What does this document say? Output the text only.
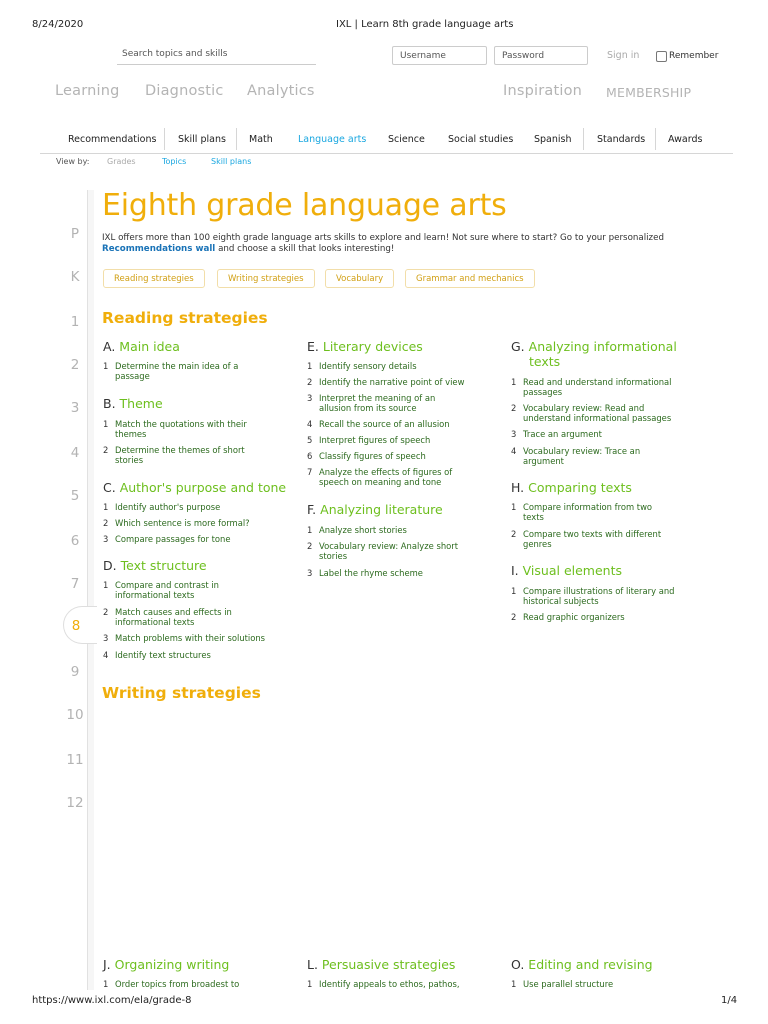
8/24/2020	IXL | Learn 8th grade language arts
Search topics and skills	Username	Password	Sign in	Remember
Learning Diagnostic Analytics	Inspiration MEMBERSHIP
Recommendations Skill plans Math	Language arts Science Social studies Spanish	Standards Awards
View by: Grades	Topics	Skill plans
P
K
1
2
3
4
5
6
7
8
9
10
11
12
Eighth grade language arts
IXL offers more than 100 eighth grade language arts skills to explore and learn! Not sure where to start? Go to your personalized
Recommendations wall and choose a skill that looks interesting!
Reading strategies	Writing strategies	Vocabulary	Grammar and mechanics
Reading strategies
A. Main idea
1 Determine the main idea of a passage
B. Theme
1 Match the quotations with their themes
2 Determine the themes of short stories
C. Author's purpose and tone
1 Identify author's purpose
2 Which sentence is more formal?
3 Compare passages for tone
D. Text structure
1 Compare and contrast in informational texts
2 Match causes and effects in informational texts
3 Match problems with their solutions
4 Identify text structures
E. Literary devices
1 Identify sensory details
2 Identify the narrative point of view
3 Interpret the meaning of an allusion from its source
4 Recall the source of an allusion
5 Interpret figures of speech
6 Classify figures of speech
7 Analyze the effects of figures of speech on meaning and tone
F. Analyzing literature
1 Analyze short stories
2 Vocabulary review: Analyze short stories
3 Label the rhyme scheme
G. Analyzing informational
texts
1 Read and understand informational passages
2 Vocabulary review: Read and understand informational passages
3 Trace an argument
4 Vocabulary review: Trace an argument
H. Comparing texts
1 Compare information from two texts
2 Compare two texts with different genres
I. Visual elements
1 Compare illustrations of literary and historical subjects
2 Read graphic organizers
Writing strategies
J. Organizing writing
1 Order topics from broadest to
L. Persuasive strategies
1 Identify appeals to ethos, pathos,
O. Editing and revising
1 Use parallel structure
https://www.ixl.com/ela/grade-8	1/4
